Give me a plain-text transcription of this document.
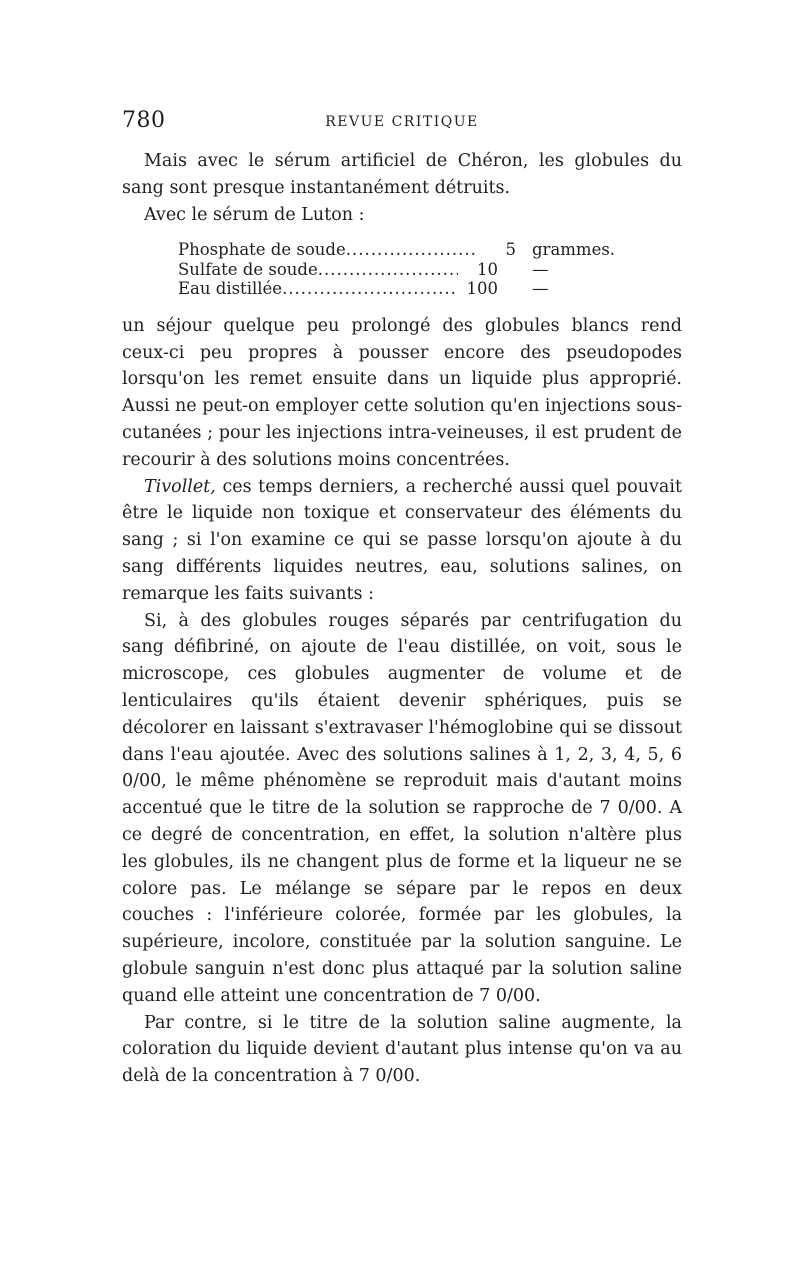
780	REVUE CRITIQUE

Mais avec le sérum artificiel de Chéron, les globules du sang sont presque instantanément détruits.

Avec le sérum de Luton :

Phosphate de soude .....	5 grammes.
Sulfate de soude .....	10	—
Eau distillée .....	100	—

un séjour quelque peu prolongé des globules blancs rend ceux-ci peu propres à pousser encore des pseudopodes lorsqu'on les remet ensuite dans un liquide plus approprié. Aussi ne peut-on employer cette solution qu'en injections sous-cutanées ; pour les injections intra-veineuses, il est prudent de recourir à des solutions moins concentrées.

Tivollet, ces temps derniers, a recherché aussi quel pouvait être le liquide non toxique et conservateur des éléments du sang ; si l'on examine ce qui se passe lorsqu'on ajoute à du sang différents liquides neutres, eau, solutions salines, on remarque les faits suivants :

Si, à des globules rouges séparés par centrifugation du sang défibriné, on ajoute de l'eau distillée, on voit, sous le microscope, ces globules augmenter de volume et de lenticulaires qu'ils étaient devenir sphériques, puis se décolorer en laissant s'extravaser l'hémoglobine qui se dissout dans l'eau ajoutée. Avec des solutions salines à 1, 2, 3, 4, 5, 6 0/00, le même phénomène se reproduit mais d'autant moins accentué que le titre de la solution se rapproche de 7 0/00. A ce degré de concentration, en effet, la solution n'altère plus les globules, ils ne changent plus de forme et la liqueur ne se colore pas. Le mélange se sépare par le repos en deux couches : l'inférieure colorée, formée par les globules, la supérieure, incolore, constituée par la solution sanguine. Le globule sanguin n'est donc plus attaqué par la solution saline quand elle atteint une concentration de 7 0/00.

Par contre, si le titre de la solution saline augmente, la coloration du liquide devient d'autant plus intense qu'on va au delà de la concentration à 7 0/00.
